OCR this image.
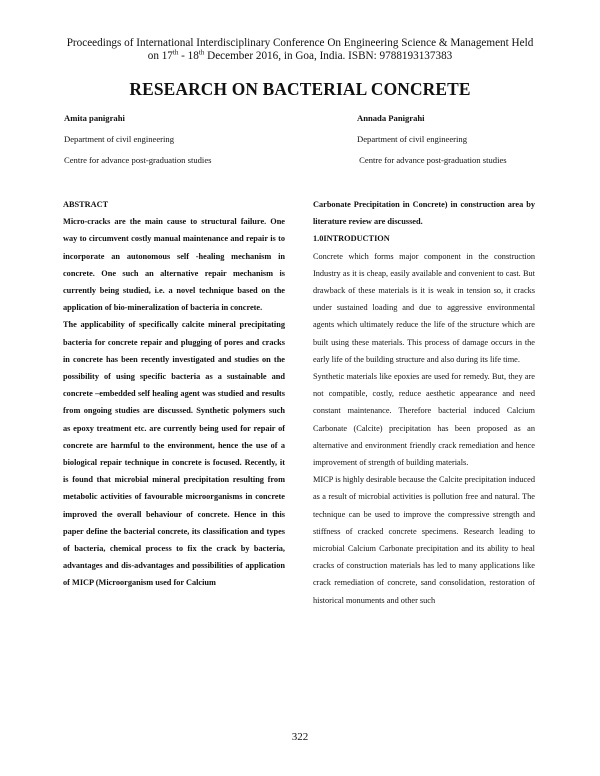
Proceedings of International Interdisciplinary Conference On Engineering Science & Management Held
on 17th - 18th December 2016, in Goa, India. ISBN: 9788193137383
RESEARCH ON BACTERIAL CONCRETE
Amita panigrahi
Department of civil engineering
Centre for advance post-graduation studies
Annada Panigrahi
Department of civil engineering
Centre for advance post-graduation studies
ABSTRACT

Micro-cracks are the main cause to structural failure. One way to circumvent costly manual maintenance and repair is to incorporate an autonomous self -healing mechanism in concrete. One such an alternative repair mechanism is currently being studied, i.e. a novel technique based on the application of bio-mineralization of bacteria in concrete.

The applicability of specifically calcite mineral precipitating bacteria for concrete repair and plugging of pores and cracks in concrete has been recently investigated and studies on the possibility of using specific bacteria as a sustainable and concrete –embedded self healing agent was studied and results from ongoing studies are discussed. Synthetic polymers such as epoxy treatment etc. are currently being used for repair of concrete are harmful to the environment, hence the use of a biological repair technique in concrete is focused. Recently, it is found that microbial mineral precipitation resulting from metabolic activities of favourable microorganisms in concrete improved the overall behaviour of concrete. Hence in this paper define the bacterial concrete, its classification and types of bacteria, chemical process to fix the crack by bacteria, advantages and dis-advantages and possibilities of application of MICP (Microorganism used for Calcium

Carbonate Precipitation in Concrete) in construction area by literature review are discussed.

1.0INTRODUCTION

Concrete which forms major component in the construction Industry as it is cheap, easily available and convenient to cast. But drawback of these materials is it is weak in tension so, it cracks under sustained loading and due to aggressive environmental agents which ultimately reduce the life of the structure which are built using these materials. This process of damage occurs in the early life of the building structure and also during its life time.

Synthetic materials like epoxies are used for remedy. But, they are not compatible, costly, reduce aesthetic appearance and need constant maintenance. Therefore bacterial induced Calcium Carbonate (Calcite) precipitation has been proposed as an alternative and environment friendly crack remediation and hence improvement of strength of building materials.

MICP is highly desirable because the Calcite precipitation induced as a result of microbial activities is pollution free and natural. The technique can be used to improve the compressive strength and stiffness of cracked concrete specimens. Research leading to microbial Calcium Carbonate precipitation and its ability to heal cracks of construction materials has led to many applications like crack remediation of concrete, sand consolidation, restoration of historical monuments and other such

322
